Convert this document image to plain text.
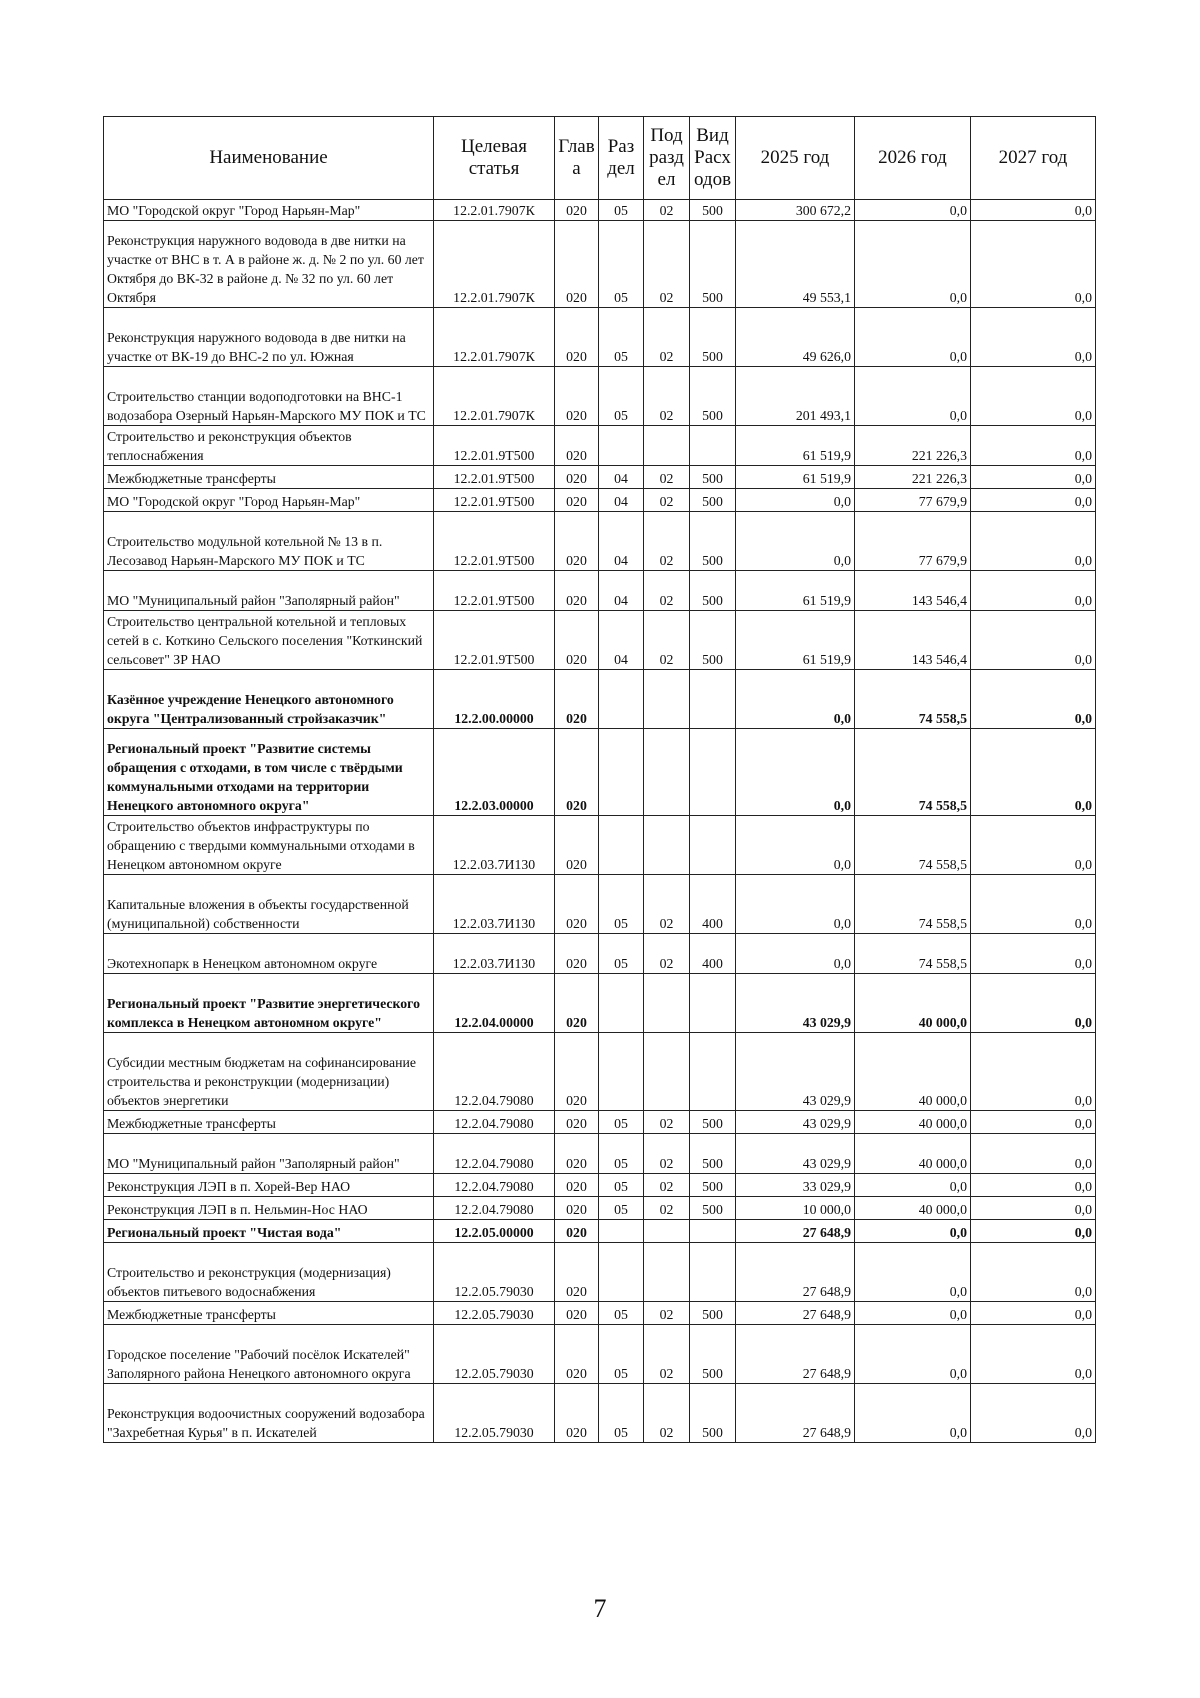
Наименование	Целевая статья	Глав а	Раз дел	Под разд ел	Вид Расх одов	2025 год	2026 год	2027 год
МО "Городской округ "Город Нарьян-Мар"	12.2.01.7907К	020	05	02	500	300 672,2	0,0	0,0
Реконструкция наружного водовода в две нитки на участке от ВНС в т. А в районе ж. д. № 2 по ул. 60 лет Октября до ВК-32 в районе д. № 32 по ул. 60 лет Октября	12.2.01.7907К	020	05	02	500	49 553,1	0,0	0,0
Реконструкция наружного водовода в две нитки на участке от ВК-19 до ВНС-2 по ул. Южная	12.2.01.7907К	020	05	02	500	49 626,0	0,0	0,0
Строительство станции водоподготовки на ВНС-1 водозабора Озерный Нарьян-Марского МУ ПОК и ТС	12.2.01.7907К	020	05	02	500	201 493,1	0,0	0,0
Строительство и реконструкция объектов теплоснабжения	12.2.01.9Т500	020				61 519,9	221 226,3	0,0
Межбюджетные трансферты	12.2.01.9Т500	020	04	02	500	61 519,9	221 226,3	0,0
МО "Городской округ "Город Нарьян-Мар"	12.2.01.9Т500	020	04	02	500	0,0	77 679,9	0,0
Строительство модульной котельной № 13 в п. Лесозавод Нарьян-Марского МУ ПОК и ТС	12.2.01.9Т500	020	04	02	500	0,0	77 679,9	0,0
МО "Муниципальный район "Заполярный район"	12.2.01.9Т500	020	04	02	500	61 519,9	143 546,4	0,0
Строительство центральной котельной и тепловых сетей в с. Коткино Сельского поселения "Коткинский сельсовет" ЗР НАО	12.2.01.9Т500	020	04	02	500	61 519,9	143 546,4	0,0
Казённое учреждение Ненецкого автономного округа "Централизованный стройзаказчик"	12.2.00.00000	020				0,0	74 558,5	0,0
Региональный проект "Развитие системы обращения с отходами, в том числе с твёрдыми коммунальными отходами на территории Ненецкого автономного округа"	12.2.03.00000	020				0,0	74 558,5	0,0
Строительство объектов инфраструктуры по обращению с твердыми коммунальными отходами в Ненецком автономном округе	12.2.03.7И130	020				0,0	74 558,5	0,0
Капитальные вложения в объекты государственной (муниципальной) собственности	12.2.03.7И130	020	05	02	400	0,0	74 558,5	0,0
Экотехнопарк в Ненецком автономном округе	12.2.03.7И130	020	05	02	400	0,0	74 558,5	0,0
Региональный проект "Развитие энергетического комплекса в Ненецком автономном округе"	12.2.04.00000	020				43 029,9	40 000,0	0,0
Субсидии местным бюджетам на софинансирование строительства и реконструкции (модернизации) объектов энергетики	12.2.04.79080	020				43 029,9	40 000,0	0,0
Межбюджетные трансферты	12.2.04.79080	020	05	02	500	43 029,9	40 000,0	0,0
МО "Муниципальный район "Заполярный район"	12.2.04.79080	020	05	02	500	43 029,9	40 000,0	0,0
Реконструкция ЛЭП в п. Хорей-Вер НАО	12.2.04.79080	020	05	02	500	33 029,9	0,0	0,0
Реконструкция ЛЭП в п. Нельмин-Нос НАО	12.2.04.79080	020	05	02	500	10 000,0	40 000,0	0,0
Региональный проект "Чистая вода"	12.2.05.00000	020				27 648,9	0,0	0,0
Строительство и реконструкция (модернизация) объектов питьевого водоснабжения	12.2.05.79030	020				27 648,9	0,0	0,0
Межбюджетные трансферты	12.2.05.79030	020	05	02	500	27 648,9	0,0	0,0
Городское поселение "Рабочий посёлок Искателей" Заполярного района Ненецкого автономного округа	12.2.05.79030	020	05	02	500	27 648,9	0,0	0,0
Реконструкция водоочистных сооружений водозабора "Захребетная Курья" в п. Искателей	12.2.05.79030	020	05	02	500	27 648,9	0,0	0,0
7
